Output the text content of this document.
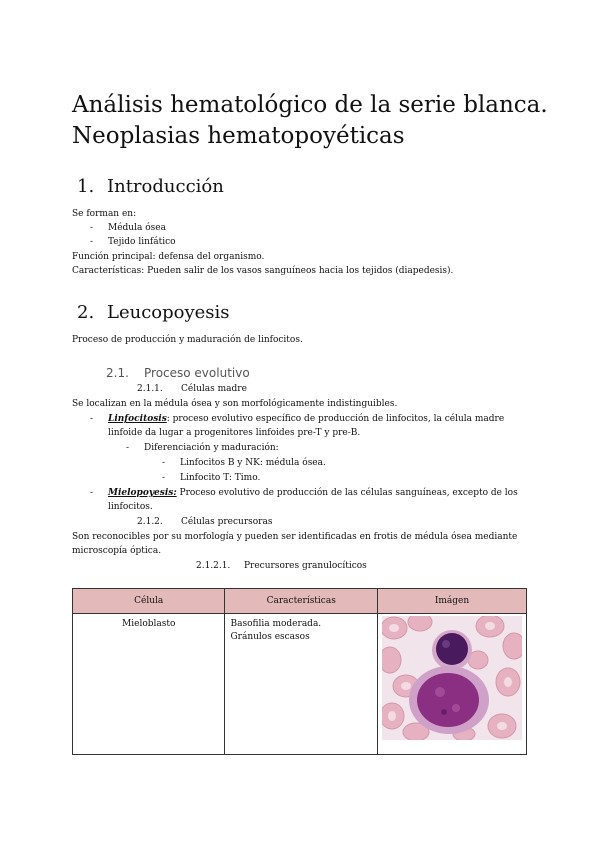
Análisis hematológico de la serie blanca.
Neoplasias hematopoyéticas
1. Introducción
Se forman en:
- Médula ósea
- Tejido linfático
Función principal: defensa del organismo.
Características: Pueden salir de los vasos sanguíneos hacia los tejidos (diapedesis).
2. Leucopoyesis
Proceso de producción y maduración de linfocitos.
2.1. Proceso evolutivo
2.1.1. Células madre
Se localizan en la médula ósea y son morfológicamente indistinguibles.
- Linfocitosis: proceso evolutivo específico de producción de linfocitos, la célula madre
linfoide da lugar a progenitores linfoides pre-T y pre-B.
- Diferenciación y maduración:
- Linfocitos B y NK: médula ósea.
- Linfocito T: Timo.
- Mielopoyesis: Proceso evolutivo de producción de las células sanguíneas, excepto de los
linfocitos.
2.1.2. Células precursoras
Son reconocibles por su morfología y pueden ser identificadas en frotis de médula ósea mediante
microscopía óptica.
2.1.2.1. Precursores granulocíticos
Célula	Características	Imágen
Mieloblasto	Basofilia moderada.
Gránulos escasos
